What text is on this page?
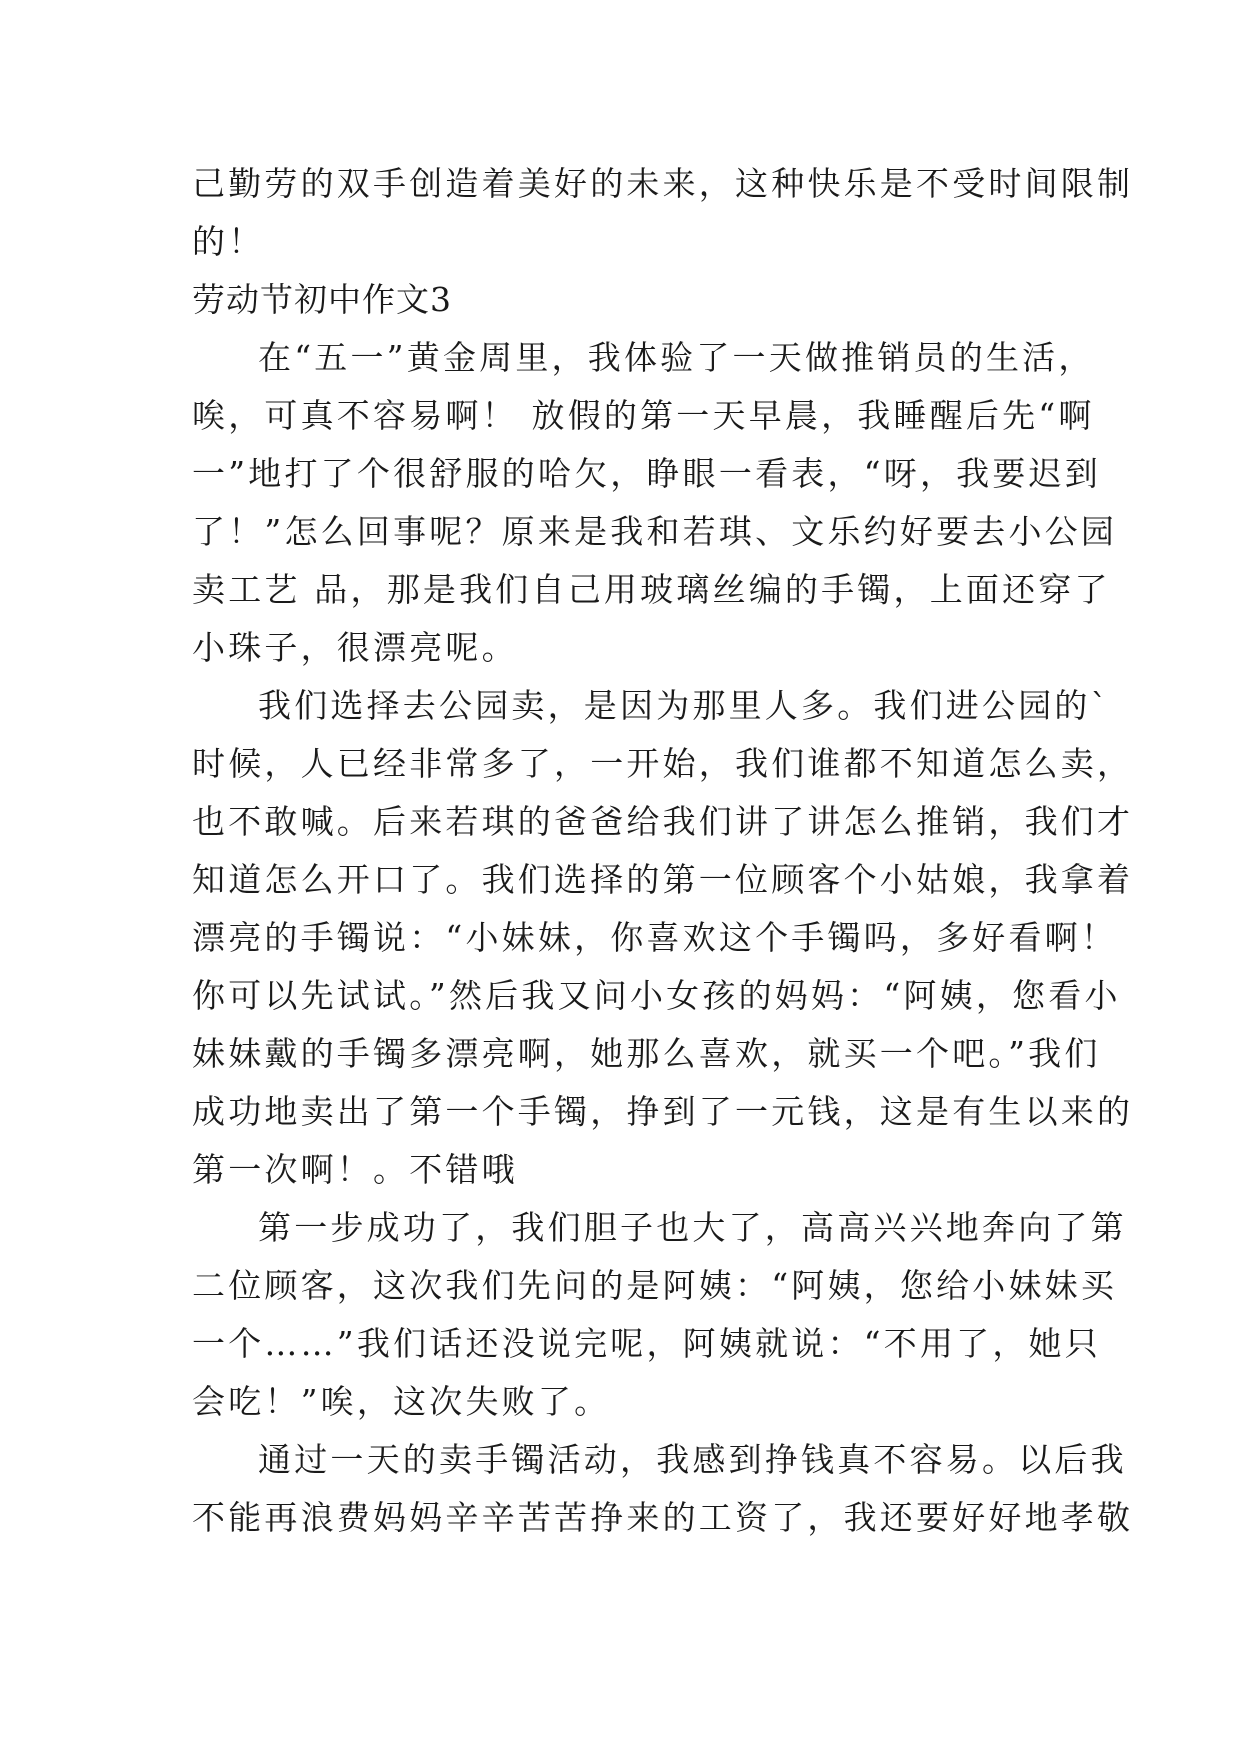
己勤劳的双手创造着美好的未来，这种快乐是不受时间限制
的！
劳动节初中作文3
在“五一”黄金周里，我体验了一天做推销员的生活，
唉，可真不容易啊！ 放假的第一天早晨，我睡醒后先“啊
一”地打了个很舒服的哈欠，睁眼一看表，“呀，我要迟到
了！”怎么回事呢？原来是我和若琪、文乐约好要去小公园
卖工艺 品，那是我们自己用玻璃丝编的手镯，上面还穿了
小珠子，很漂亮呢。
我们选择去公园卖，是因为那里人多。我们进公园的`
时候，人已经非常多了，一开始，我们谁都不知道怎么卖，
也不敢喊。后来若琪的爸爸给我们讲了讲怎么推销，我们才
知道怎么开口了。我们选择的第一位顾客个小姑娘，我拿着
漂亮的手镯说：“小妹妹，你喜欢这个手镯吗，多好看啊！
你可以先试试。”然后我又问小女孩的妈妈：“阿姨，您看小
妹妹戴的手镯多漂亮啊，她那么喜欢，就买一个吧。”我们
成功地卖出了第一个手镯，挣到了一元钱，这是有生以来的
第一次啊！。不错哦
第一步成功了，我们胆子也大了，高高兴兴地奔向了第
二位顾客，这次我们先问的是阿姨：“阿姨，您给小妹妹买
一个……”我们话还没说完呢，阿姨就说：“不用了，她只
会吃！”唉，这次失败了。
通过一天的卖手镯活动，我感到挣钱真不容易。以后我
不能再浪费妈妈辛辛苦苦挣来的工资了，我还要好好地孝敬
